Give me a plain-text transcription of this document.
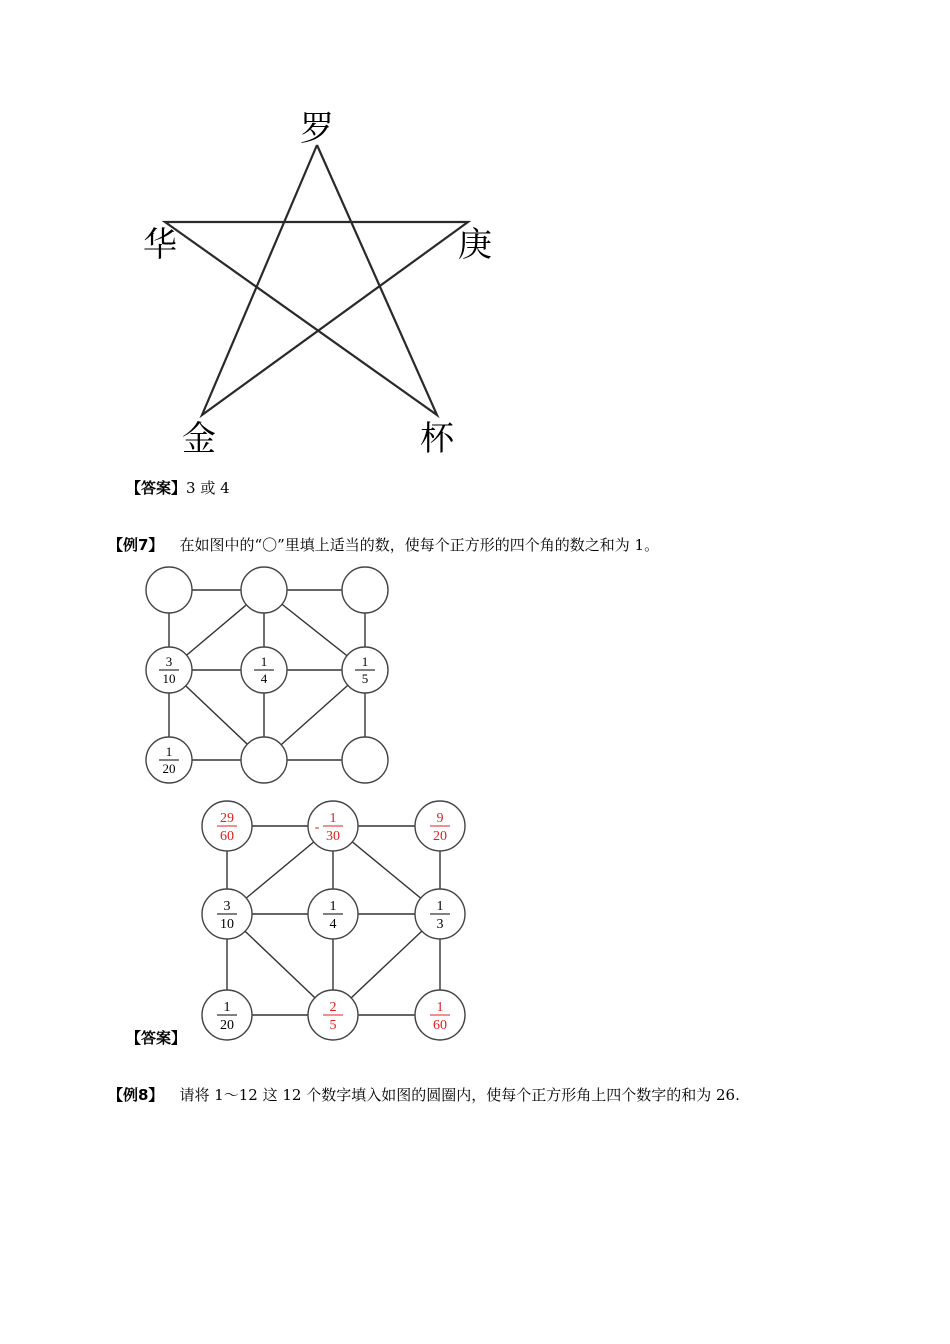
罗
华	庚
金	杯
【答案】3 或 4
【例7】 在如图中的“〇”里填上适当的数，使每个正方形的四个角的数之和为 1。
3
10
1
4
1
5
1
20
29
60
1
30
-
9
20
3
10
1
4
1
3
1
20
2
5
1
60
【答案】
【例8】 请将 1～12 这 12 个数字填入如图的圆圈内，使每个正方形角上四个数字的和为 26.
